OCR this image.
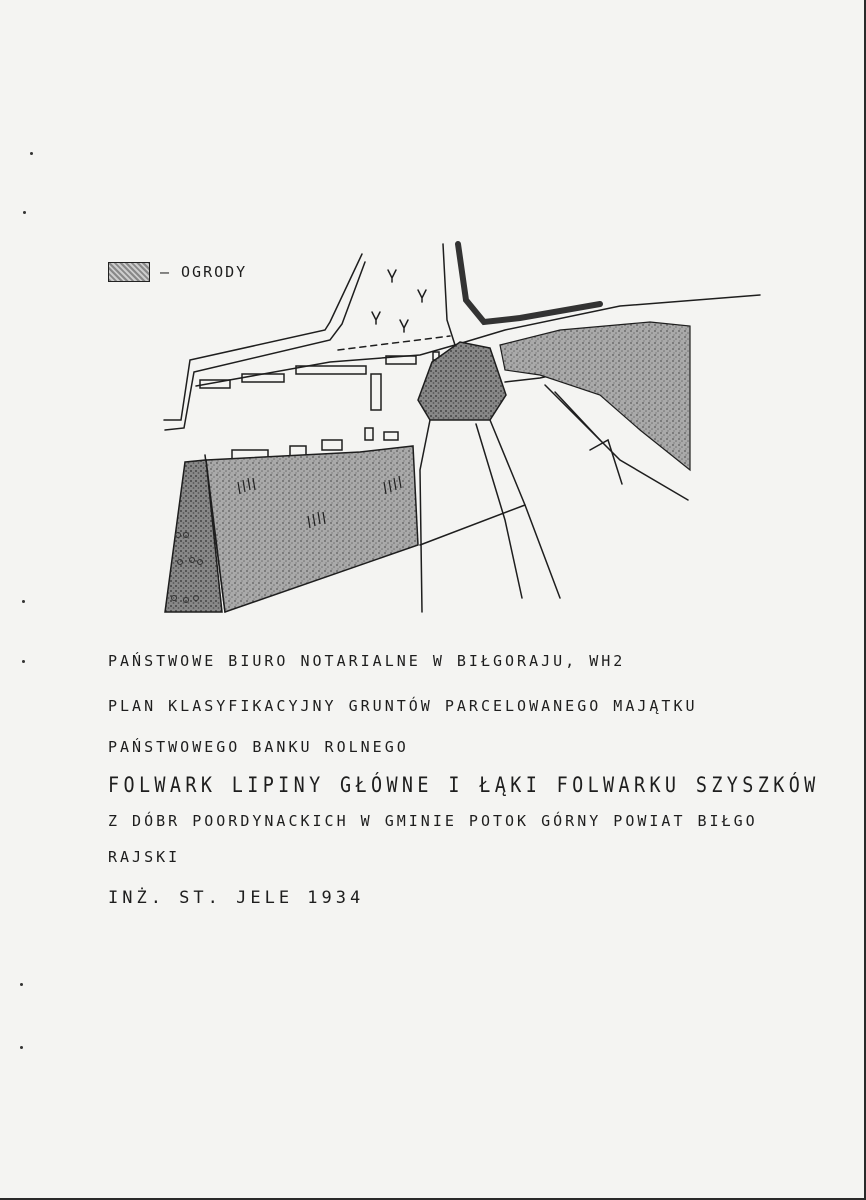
– OGRODY
PAŃSTWOWE BIURO NOTARIALNE W BIŁGORAJU, WH2
PLAN KLASYFIKACYJNY GRUNTÓW PARCELOWANEGO MAJĄTKU
PAŃSTWOWEGO BANKU ROLNEGO
FOLWARK LIPINY GŁÓWNE I ŁĄKI FOLWARKU SZYSZKÓW
Z DÓBR POORDYNACKICH W GMINIE POTOK GÓRNY POWIAT BIŁGO
RAJSKI
INŻ. ST. JELE 1934
